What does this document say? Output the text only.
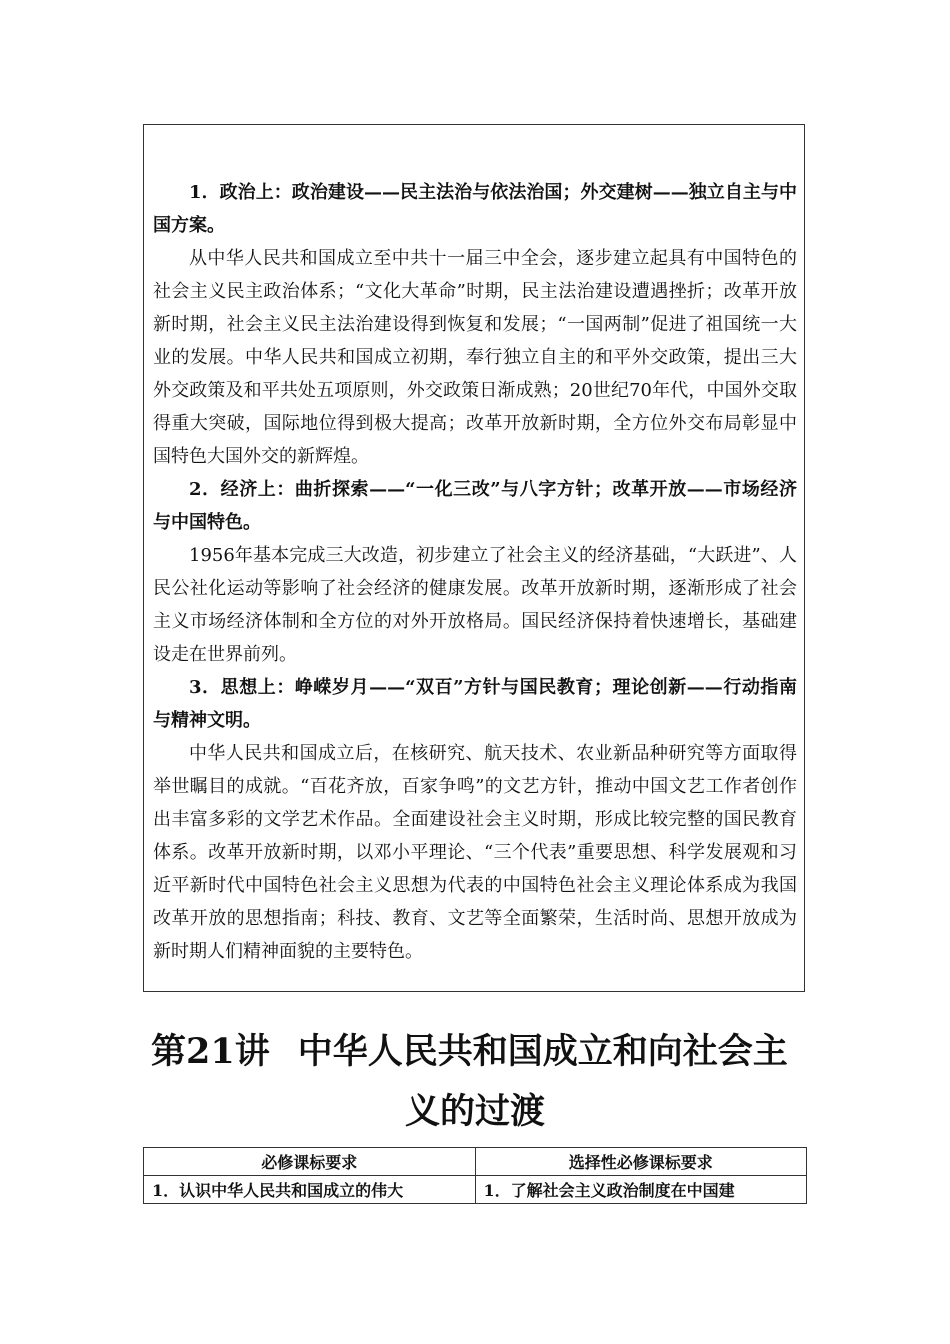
1．政治上：政治建设——民主法治与依法治国；外交建树——独立自主与中国方案。

从中华人民共和国成立至中共十一届三中全会，逐步建立起具有中国特色的社会主义民主政治体系；“文化大革命”时期，民主法治建设遭遇挫折；改革开放新时期，社会主义民主法治建设得到恢复和发展；“一国两制”促进了祖国统一大业的发展。中华人民共和国成立初期，奉行独立自主的和平外交政策，提出三大外交政策及和平共处五项原则，外交政策日渐成熟；20世纪70年代，中国外交取得重大突破，国际地位得到极大提高；改革开放新时期，全方位外交布局彰显中国特色大国外交的新辉煌。

2．经济上：曲折探索——“一化三改”与八字方针；改革开放——市场经济与中国特色。

1956年基本完成三大改造，初步建立了社会主义的经济基础，“大跃进”、人民公社化运动等影响了社会经济的健康发展。改革开放新时期，逐渐形成了社会主义市场经济体制和全方位的对外开放格局。国民经济保持着快速增长，基础建设走在世界前列。

3．思想上：峥嵘岁月——“双百”方针与国民教育；理论创新——行动指南与精神文明。

中华人民共和国成立后，在核研究、航天技术、农业新品种研究等方面取得举世瞩目的成就。“百花齐放，百家争鸣”的文艺方针，推动中国文艺工作者创作出丰富多彩的文学艺术作品。全面建设社会主义时期，形成比较完整的国民教育体系。改革开放新时期，以邓小平理论、“三个代表”重要思想、科学发展观和习近平新时代中国特色社会主义思想为代表的中国特色社会主义理论体系成为我国改革开放的思想指南；科技、教育、文艺等全面繁荣，生活时尚、思想开放成为新时期人们精神面貌的主要特色。

第21讲 中华人民共和国成立和向社会主
义的过渡
必修课标要求	选择性必修课标要求
1．认识中华人民共和国成立的伟大	1．了解社会主义政治制度在中国建
